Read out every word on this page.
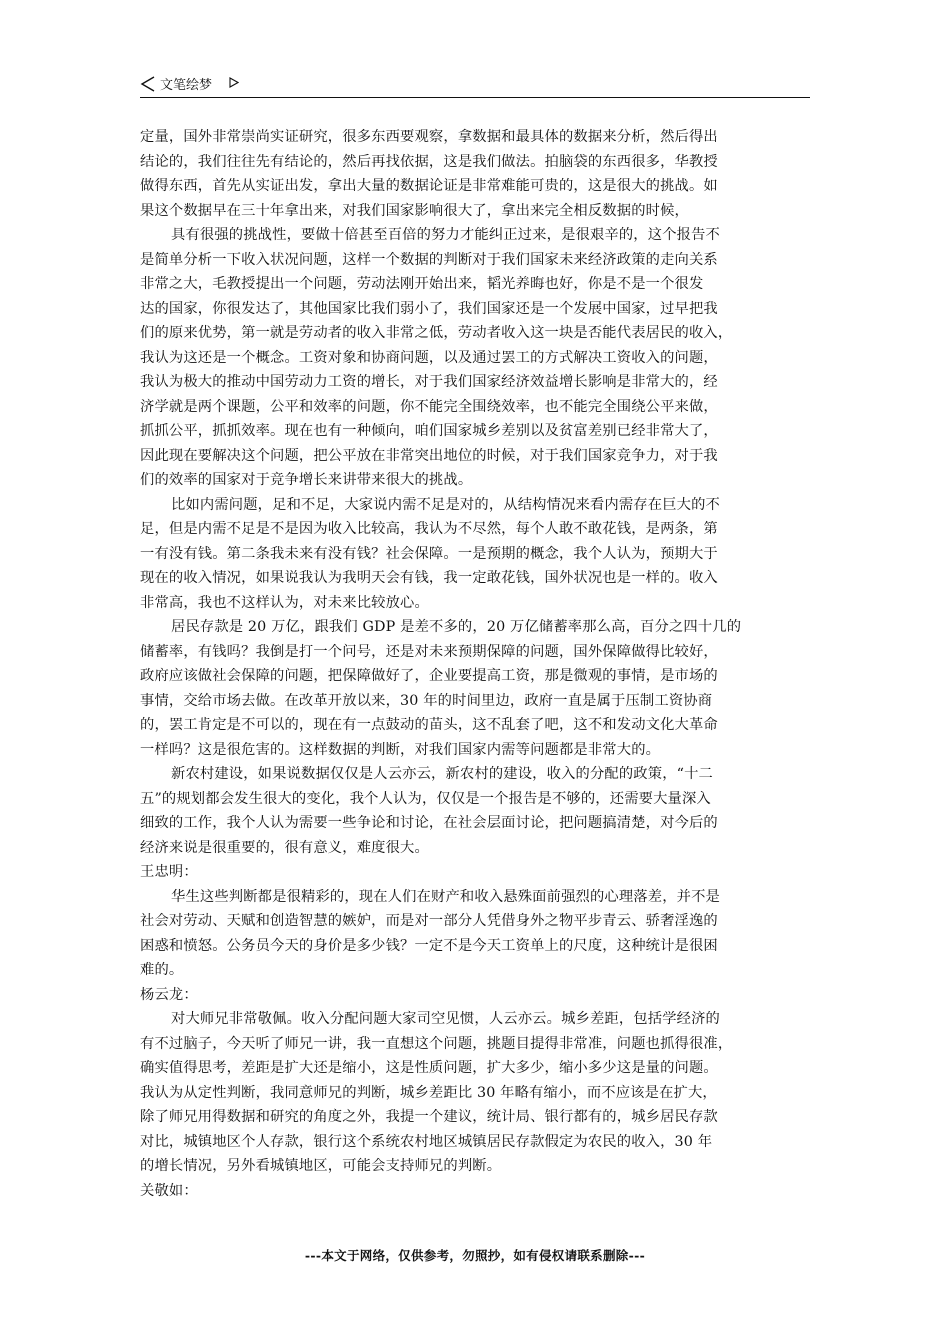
文笔绘梦
定量，国外非常崇尚实证研究，很多东西要观察，拿数据和最具体的数据来分析，然后得出
结论的，我们往往先有结论的，然后再找依据，这是我们做法。拍脑袋的东西很多，华教授
做得东西，首先从实证出发，拿出大量的数据论证是非常难能可贵的，这是很大的挑战。如
果这个数据早在三十年拿出来，对我们国家影响很大了，拿出来完全相反数据的时候，
具有很强的挑战性，要做十倍甚至百倍的努力才能纠正过来，是很艰辛的，这个报告不
是简单分析一下收入状况问题，这样一个数据的判断对于我们国家未来经济政策的走向关系
非常之大，毛教授提出一个问题，劳动法刚开始出来，韬光养晦也好，你是不是一个很发
达的国家，你很发达了，其他国家比我们弱小了，我们国家还是一个发展中国家，过早把我
们的原来优势，第一就是劳动者的收入非常之低，劳动者收入这一块是否能代表居民的收入，
我认为这还是一个概念。工资对象和协商问题，以及通过罢工的方式解决工资收入的问题，
我认为极大的推动中国劳动力工资的增长，对于我们国家经济效益增长影响是非常大的，经
济学就是两个课题，公平和效率的问题，你不能完全围绕效率，也不能完全围绕公平来做，
抓抓公平，抓抓效率。现在也有一种倾向，咱们国家城乡差别以及贫富差别已经非常大了，
因此现在要解决这个问题，把公平放在非常突出地位的时候，对于我们国家竞争力，对于我
们的效率的国家对于竞争增长来讲带来很大的挑战。
比如内需问题，足和不足，大家说内需不足是对的，从结构情况来看内需存在巨大的不
足，但是内需不足是不是因为收入比较高，我认为不尽然，每个人敢不敢花钱，是两条，第
一有没有钱。第二条我未来有没有钱？社会保障。一是预期的概念，我个人认为，预期大于
现在的收入情况，如果说我认为我明天会有钱，我一定敢花钱，国外状况也是一样的。收入
非常高，我也不这样认为，对未来比较放心。
居民存款是 20 万亿，跟我们 GDP 是差不多的，20 万亿储蓄率那么高，百分之四十几的
储蓄率，有钱吗？我倒是打一个问号，还是对未来预期保障的问题，国外保障做得比较好，
政府应该做社会保障的问题，把保障做好了，企业要提高工资，那是微观的事情，是市场的
事情，交给市场去做。在改革开放以来，30 年的时间里边，政府一直是属于压制工资协商
的，罢工肯定是不可以的，现在有一点鼓动的苗头，这不乱套了吧，这不和发动文化大革命
一样吗？这是很危害的。这样数据的判断，对我们国家内需等问题都是非常大的。
新农村建设，如果说数据仅仅是人云亦云，新农村的建设，收入的分配的政策，“十二
五”的规划都会发生很大的变化，我个人认为，仅仅是一个报告是不够的，还需要大量深入
细致的工作，我个人认为需要一些争论和讨论，在社会层面讨论，把问题搞清楚，对今后的
经济来说是很重要的，很有意义，难度很大。
王忠明：
华生这些判断都是很精彩的，现在人们在财产和收入悬殊面前强烈的心理落差，并不是
社会对劳动、天赋和创造智慧的嫉妒，而是对一部分人凭借身外之物平步青云、骄奢淫逸的
困惑和愤怒。公务员今天的身价是多少钱？一定不是今天工资单上的尺度，这种统计是很困
难的。
杨云龙：
对大师兄非常敬佩。收入分配问题大家司空见惯，人云亦云。城乡差距，包括学经济的
有不过脑子，今天听了师兄一讲，我一直想这个问题，挑题目提得非常准，问题也抓得很准，
确实值得思考，差距是扩大还是缩小，这是性质问题，扩大多少，缩小多少这是量的问题。
我认为从定性判断，我同意师兄的判断，城乡差距比 30 年略有缩小，而不应该是在扩大，
除了师兄用得数据和研究的角度之外，我提一个建议，统计局、银行都有的，城乡居民存款
对比，城镇地区个人存款，银行这个系统农村地区城镇居民存款假定为农民的收入，30 年
的增长情况，另外看城镇地区，可能会支持师兄的判断。
关敬如：
---本文于网络，仅供参考，勿照抄，如有侵权请联系删除---
